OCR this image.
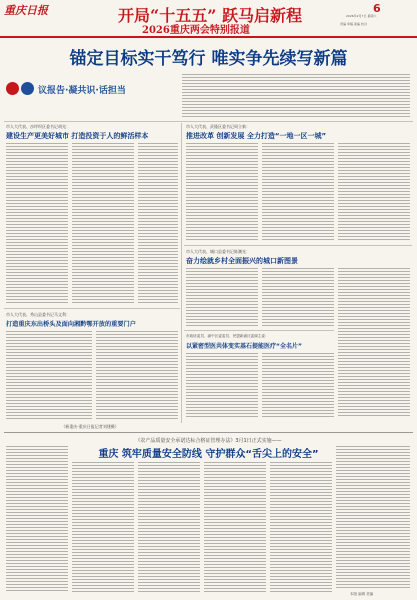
重庆日报	开局“十五五” 跃马启新程
2026重庆两会特别报道
6
2026年2月7日 星期六
责编 审稿 美编 校对
锚定目标实干笃行 唯实争先续写新篇
议报告·凝共识·话担当
市人大代表、沙坪坝区委书记胡光：
建设生产更美好城市 打造投资于人的鲜活样本
市人大代表、秀山县委书记马文利：
打造重庆东出桥头及面向湘黔鄂开放的重要门户
市人大代表、武隆区委书记周立新：
推进改革 创新发展 全力打造“一地一区一城”
市人大代表、城口县委书记陈潮光：
奋力绘就乡村全面振兴的城口新图景
市政协委员、渝中区委委员、民盟新渝区委副主委：
以紧密型医共体变实基石提能医疗“全名片”
（新重庆-重庆日报记者刘建摄）
《农产品质量安全承诺达标合格证管理办法》3月1日正式实施——
重庆 筑牢质量安全防线 守护群众“舌尖上的安全”
本版 编辑 美编
